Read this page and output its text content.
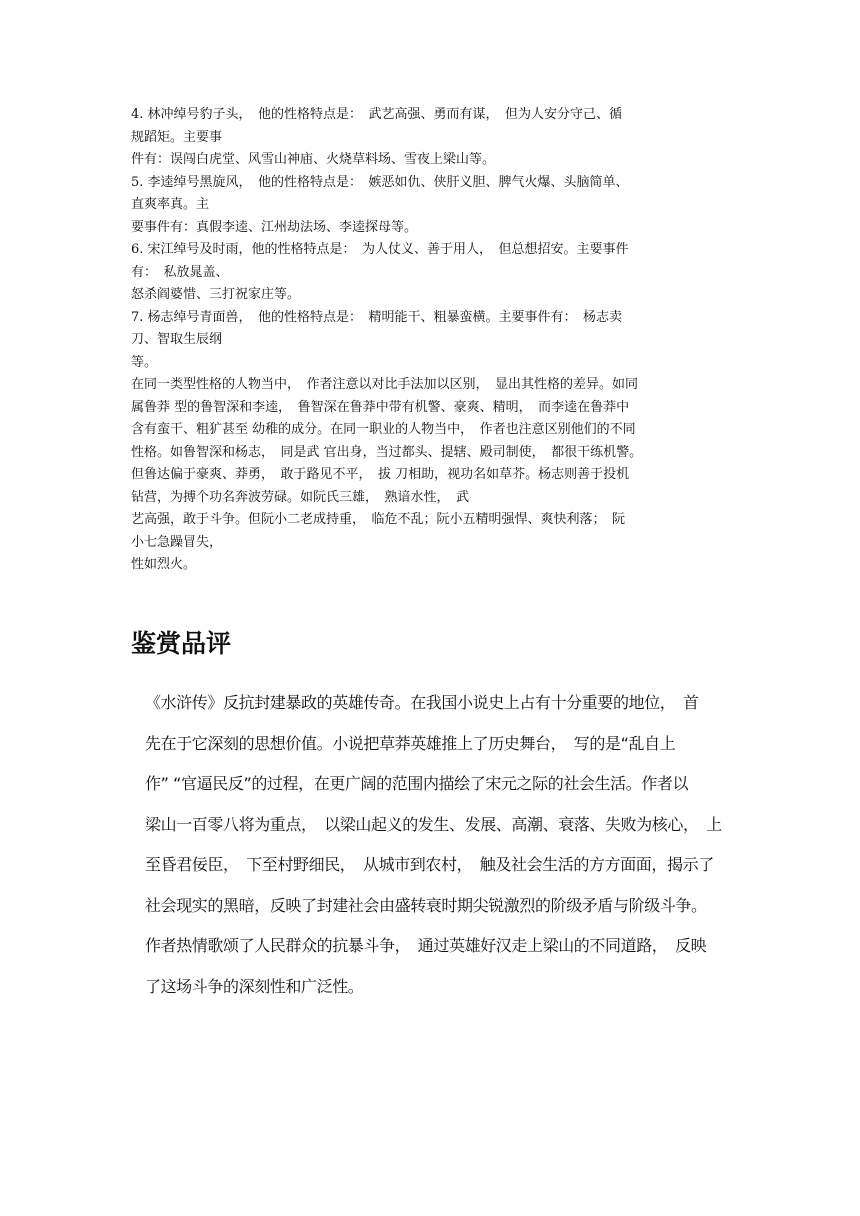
4. 林冲绰号豹子头，　他的性格特点是：　武艺高强、勇而有谋，　但为人安分守己、循
规蹈矩。主要事
件有：误闯白虎堂、风雪山神庙、火烧草料场、雪夜上梁山等。
5. 李逵绰号黑旋风，　他的性格特点是：　嫉恶如仇、侠肝义胆、脾气火爆、头脑简单、
直爽率真。主
要事件有：真假李逵、江州劫法场、李逵探母等。
6. 宋江绰号及时雨，他的性格特点是：　为人仗义、善于用人，　但总想招安。主要事件
有：　私放晁盖、
怒杀阎婆惜、三打祝家庄等。
7. 杨志绰号青面兽，　他的性格特点是：　精明能干、粗暴蛮横。主要事件有：　杨志卖
刀、智取生辰纲
等。
在同一类型性格的人物当中，　作者注意以对比手法加以区别，　显出其性格的差异。如同
属鲁莽 型的鲁智深和李逵，　鲁智深在鲁莽中带有机警、豪爽、精明，　而李逵在鲁莽中
含有蛮干、粗犷甚至 幼稚的成分。在同一职业的人物当中，　作者也注意区别他们的不同
性格。如鲁智深和杨志，　同是武 官出身，当过都头、提辖、殿司制使，　都很干练机警。
但鲁达偏于豪爽、莽勇，　敢于路见不平，　拔 刀相助，视功名如草芥。杨志则善于投机
钻营，为搏个功名奔波劳碌。如阮氏三雄，　熟谙水性，　武
艺高强，敢于斗争。但阮小二老成持重，　临危不乱；阮小五精明强悍、爽快利落；　阮
小七急躁冒失，
性如烈火。
鉴赏品评
《水浒传》反抗封建暴政的英雄传奇。在我国小说史上占有十分重要的地位，　首
先在于它深刻的思想价值。小说把草莽英雄推上了历史舞台，　写的是“乱自上
作” “官逼民反”的过程，在更广阔的范围内描绘了宋元之际的社会生活。作者以
梁山一百零八将为重点，　以梁山起义的发生、发展、高潮、衰落、失败为核心，　上
至昏君佞臣，　下至村野细民，　从城市到农村，　触及社会生活的方方面面，揭示了
社会现实的黑暗，反映了封建社会由盛转衰时期尖锐激烈的阶级矛盾与阶级斗争。
作者热情歌颂了人民群众的抗暴斗争，　通过英雄好汉走上梁山的不同道路，　反映
了这场斗争的深刻性和广泛性。
